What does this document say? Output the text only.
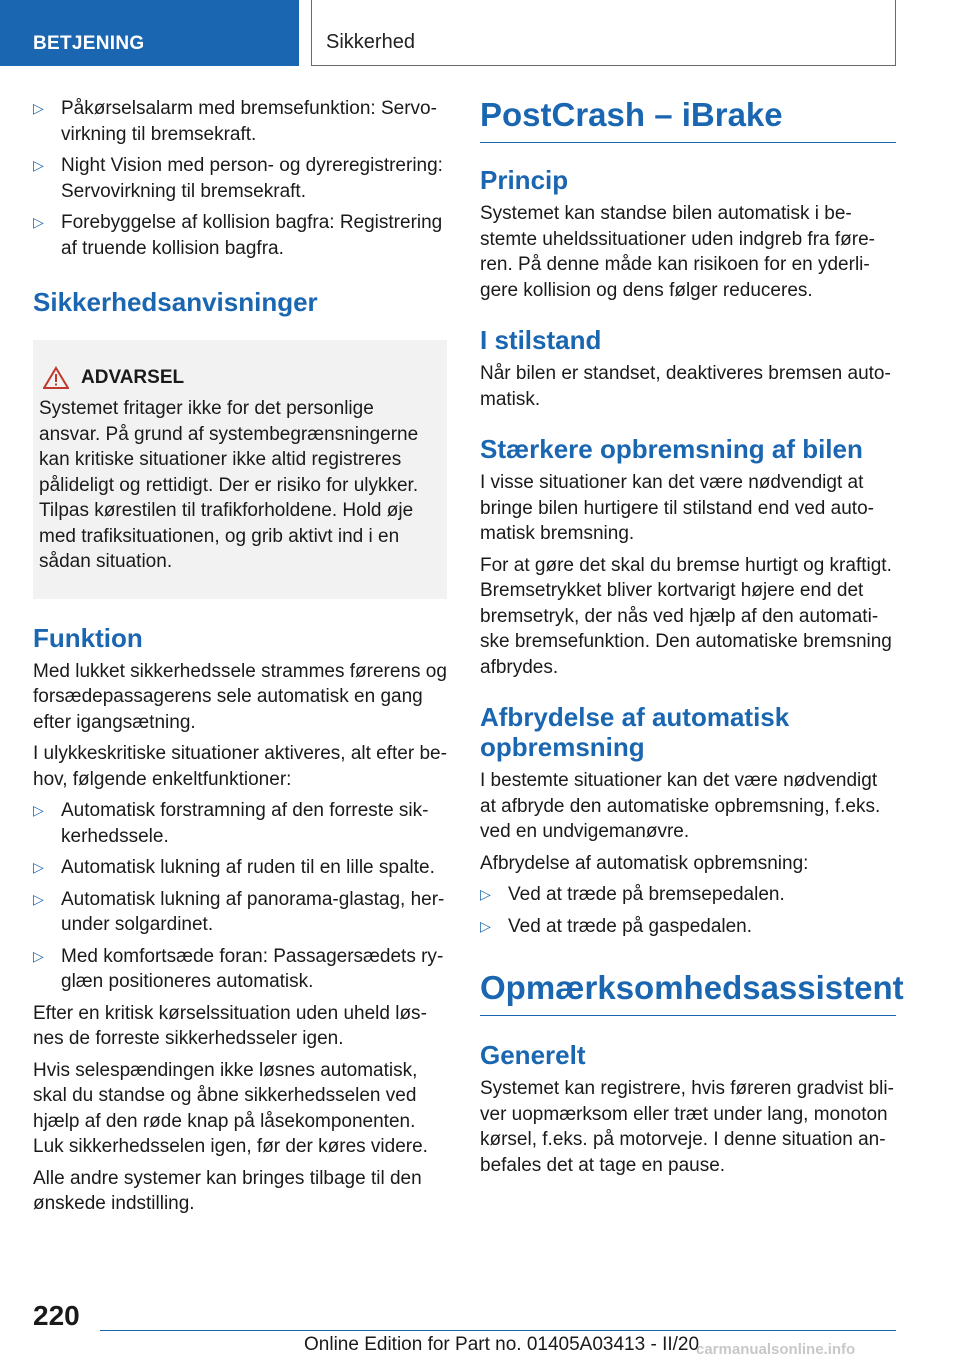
BETJENING	Sikkerhed
▷ Påkørselsalarm med bremsefunktion: Servovirkning til bremsekraft.
▷ Night Vision med person- og dyreregistrering: Servovirkning til bremsekraft.
▷ Forebyggelse af kollision bagfra: Registrering af truende kollision bagfra.
Sikkerhedsanvisninger
ADVARSEL

Systemet fritager ikke for det personlige ansvar. På grund af systembegrænsningerne kan kritiske situationer ikke altid registreres pålideligt og rettidigt. Der er risiko for ulykker. Tilpas kørestilen til trafikforholdene. Hold øje med trafiksituationen, og grib aktivt ind i en sådan situation.

Funktion

Med lukket sikkerhedssele strammes førerens og forsædepassagerens sele automatisk en gang efter igangsætning.

I ulykkeskritiske situationer aktiveres, alt efter behov, følgende enkeltfunktioner:

▷ Automatisk forstramning af den forreste sikkerhedssele.
▷ Automatisk lukning af ruden til en lille spalte.
▷ Automatisk lukning af panorama-glastag, herunder solgardinet.
▷ Med komfortsæde foran: Passagersædets ryglæn positioneres automatisk.

Efter en kritisk kørselssituation uden uheld løsnes de forreste sikkerhedsseler igen.

Hvis selespændingen ikke løsnes automatisk, skal du standse og åbne sikkerhedsselen ved hjælp af den røde knap på låsekomponenten. Luk sikkerhedsselen igen, før der køres videre.

Alle andre systemer kan bringes tilbage til den ønskede indstilling.

PostCrash – iBrake
Princip

Systemet kan standse bilen automatisk i bestemte uheldssituationer uden indgreb fra føreren. På denne måde kan risikoen for en yderligere kollision og dens følger reduceres.

I stilstand

Når bilen er standset, deaktiveres bremsen automatisk.

Stærkere opbremsning af bilen

I visse situationer kan det være nødvendigt at bringe bilen hurtigere til stilstand end ved automatisk bremsning.

For at gøre det skal du bremse hurtigt og kraftigt. Bremsetrykket bliver kortvarigt højere end det bremsetryk, der nås ved hjælp af den automatiske bremsefunktion. Den automatiske bremsning afbrydes.

Afbrydelse af automatisk opbremsning

I bestemte situationer kan det være nødvendigt at afbryde den automatiske opbremsning, f.eks. ved en undvigemanøvre.

Afbrydelse af automatisk opbremsning:

▷ Ved at træde på bremsepedalen.
▷ Ved at træde på gaspedalen.
Opmærksomhedsassistent
Generelt

Systemet kan registrere, hvis føreren gradvist bliver uopmærksom eller træt under lang, monoton kørsel, f.eks. på motorveje. I denne situation anbefales det at tage en pause.

220
Online Edition for Part no. 01405A03413 - II/20
carmanualsonline.info
